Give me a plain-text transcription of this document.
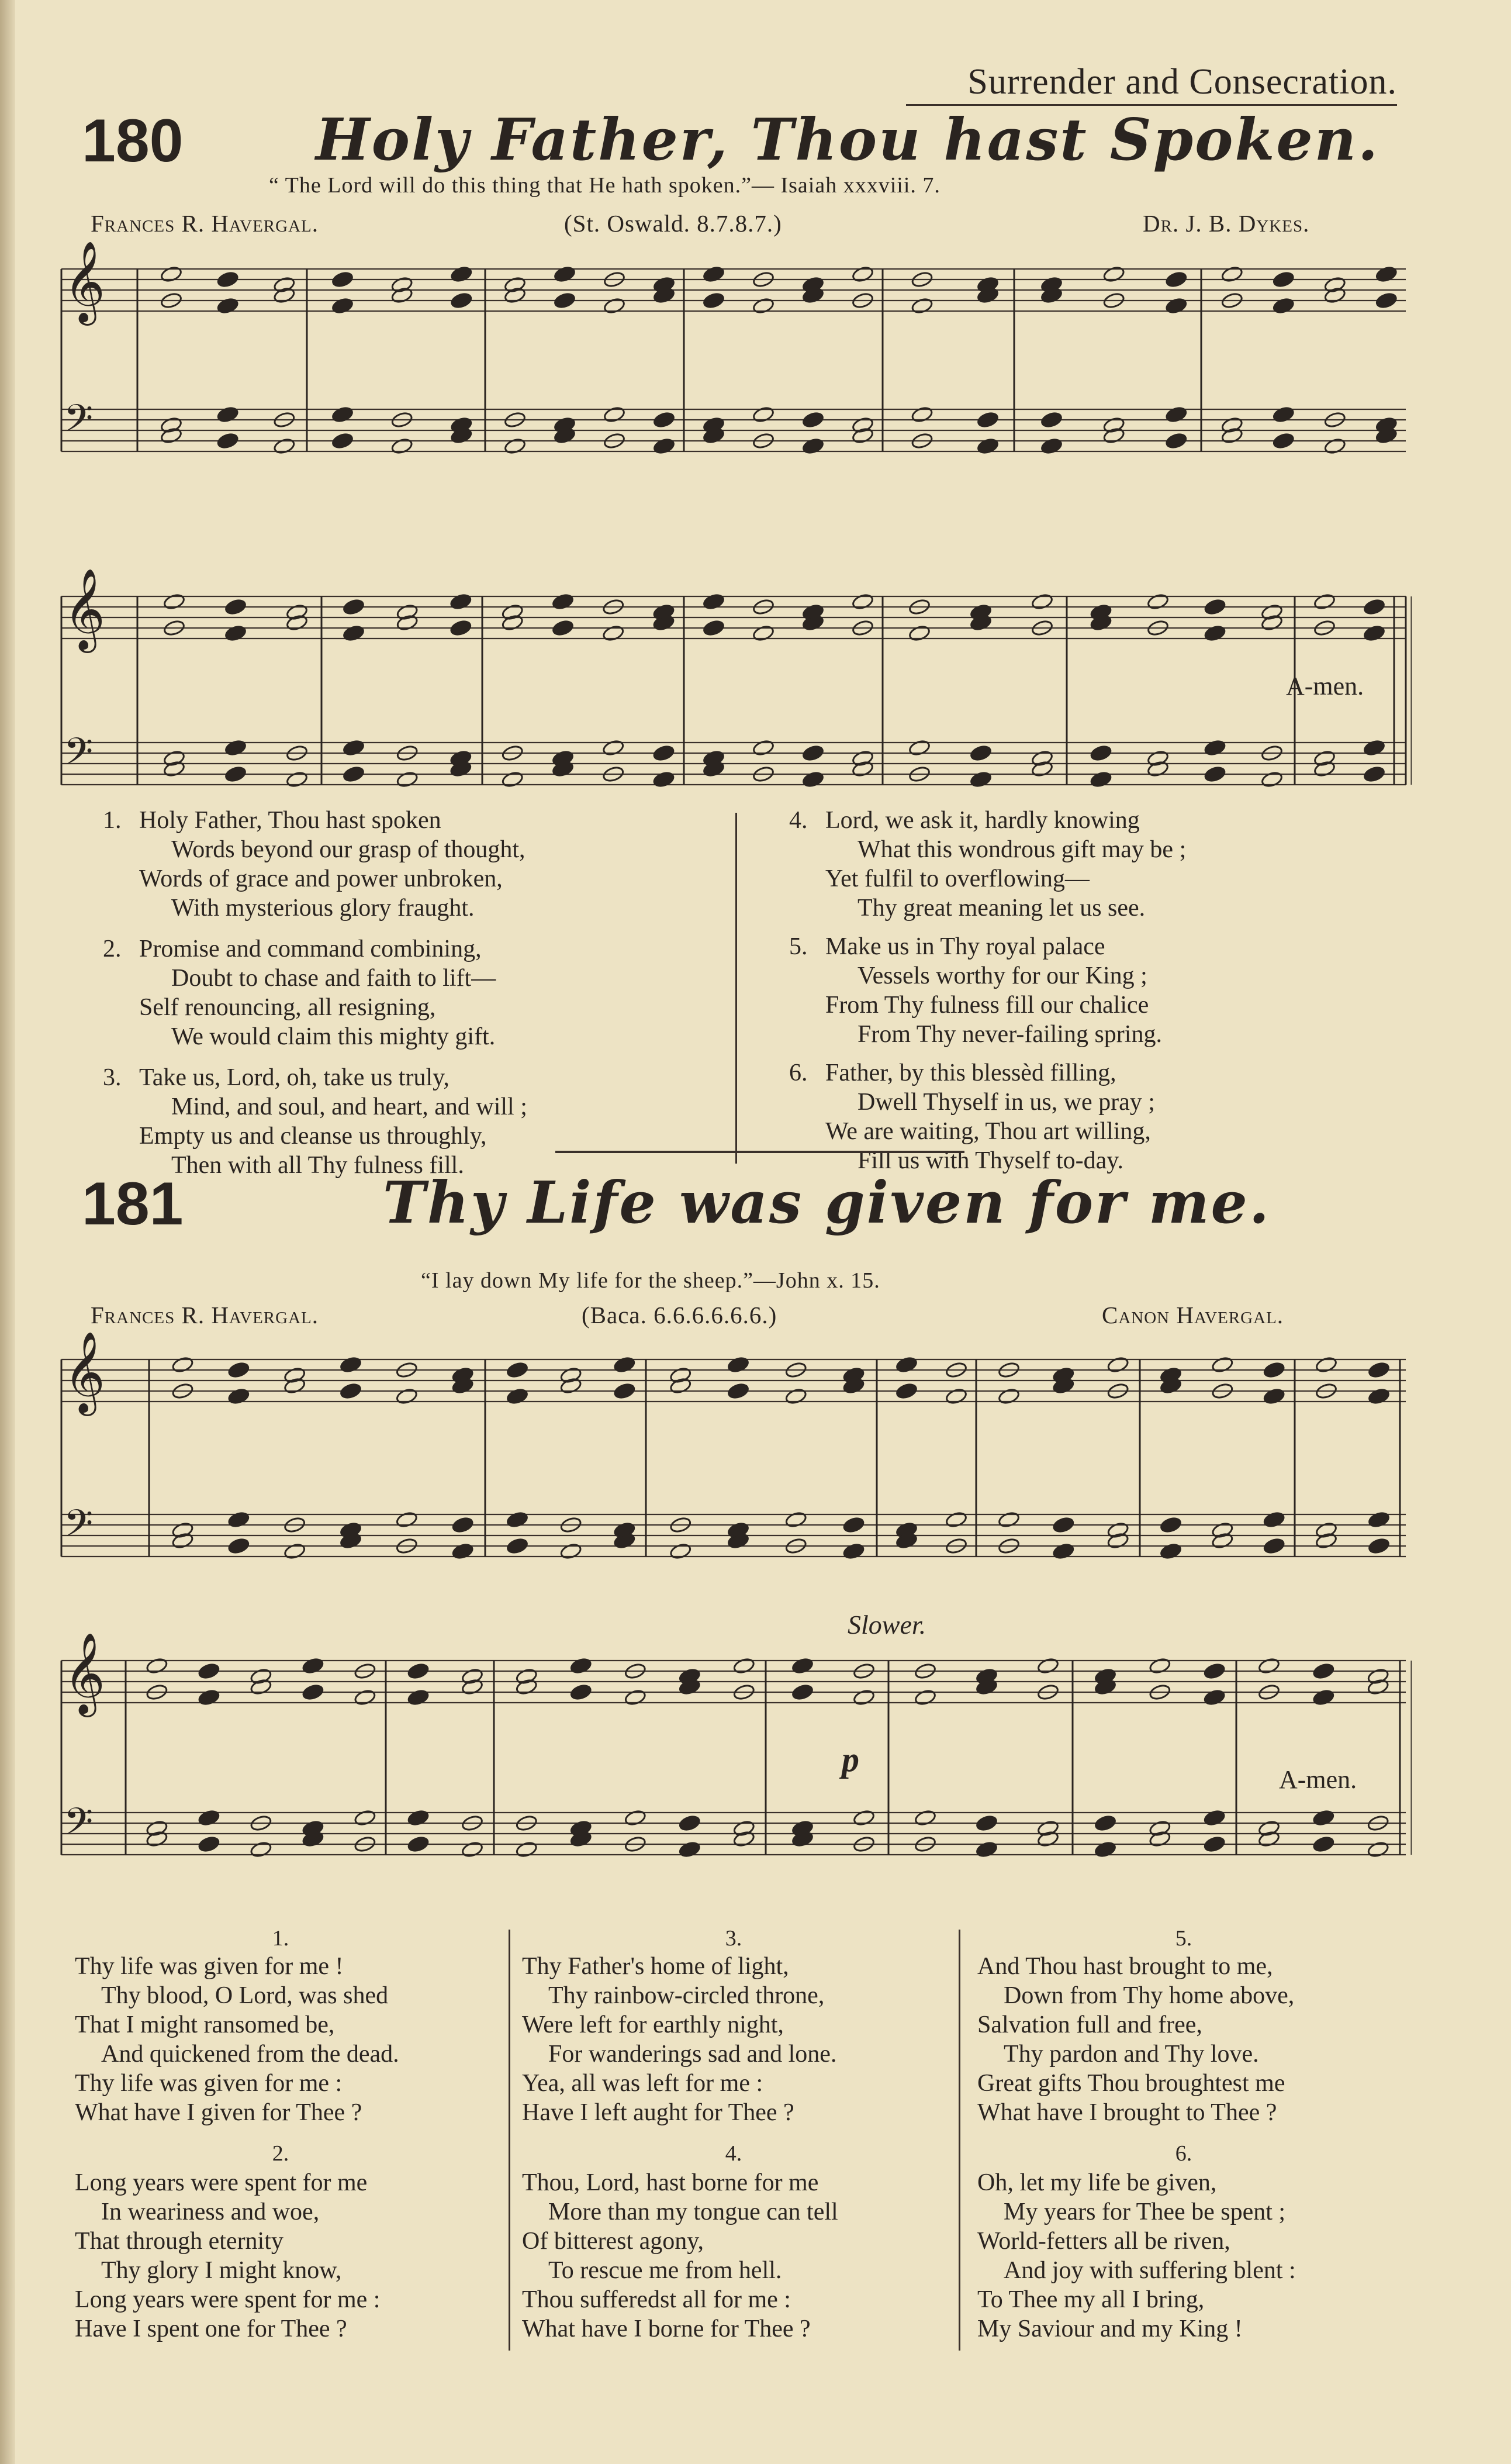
Surrender and Consecration.
180 Holy Father, Thou hast Spoken.
“ The Lord will do this thing that He hath spoken.”— Isaiah xxxviii. 7.
Frances R. Havergal.	(St. Oswald. 8.7.8.7.)	Dr. J. B. Dykes.
𝄞
𝄢
𝄞
𝄢
A-men.
1. Holy Father, Thou hast spoken
Words beyond our grasp of thought,
Words of grace and power unbroken,
With mysterious glory fraught.
2. Promise and command combining,
Doubt to chase and faith to lift—
Self renouncing, all resigning,
We would claim this mighty gift.
3. Take us, Lord, oh, take us truly,
Mind, and soul, and heart, and will ;
Empty us and cleanse us throughly,
Then with all Thy fulness fill.
4. Lord, we ask it, hardly knowing
What this wondrous gift may be ;
Yet fulfil to overflowing—
Thy great meaning let us see.
5. Make us in Thy royal palace
Vessels worthy for our King ;
From Thy fulness fill our chalice
From Thy never-failing spring.
6. Father, by this blessèd filling,
Dwell Thyself in us, we pray ;
We are waiting, Thou art willing,
Fill us with Thyself to-day.
181	Thy Life was given for me.
“I lay down My life for the sheep.”—John x. 15.
Frances R. Havergal.	(Baca. 6.6.6.6.6.6.)	Canon Havergal.
𝄞
𝄢
𝄞
𝄢
Slower.
p
A-men.
1.
Thy life was given for me !
Thy blood, O Lord, was shed
That I might ransomed be,
And quickened from the dead.
Thy life was given for me :
What have I given for Thee ?
2.
Long years were spent for me
In weariness and woe,
That through eternity
Thy glory I might know,
Long years were spent for me :
Have I spent one for Thee ?
3.
Thy Father's home of light,
Thy rainbow-circled throne,
Were left for earthly night,
For wanderings sad and lone.
Yea, all was left for me :
Have I left aught for Thee ?
4.
Thou, Lord, hast borne for me
More than my tongue can tell
Of bitterest agony,
To rescue me from hell.
Thou sufferedst all for me :
What have I borne for Thee ?
5.
And Thou hast brought to me,
Down from Thy home above,
Salvation full and free,
Thy pardon and Thy love.
Great gifts Thou broughtest me
What have I brought to Thee ?
6.
Oh, let my life be given,
My years for Thee be spent ;
World-fetters all be riven,
And joy with suffering blent :
To Thee my all I bring,
My Saviour and my King !
